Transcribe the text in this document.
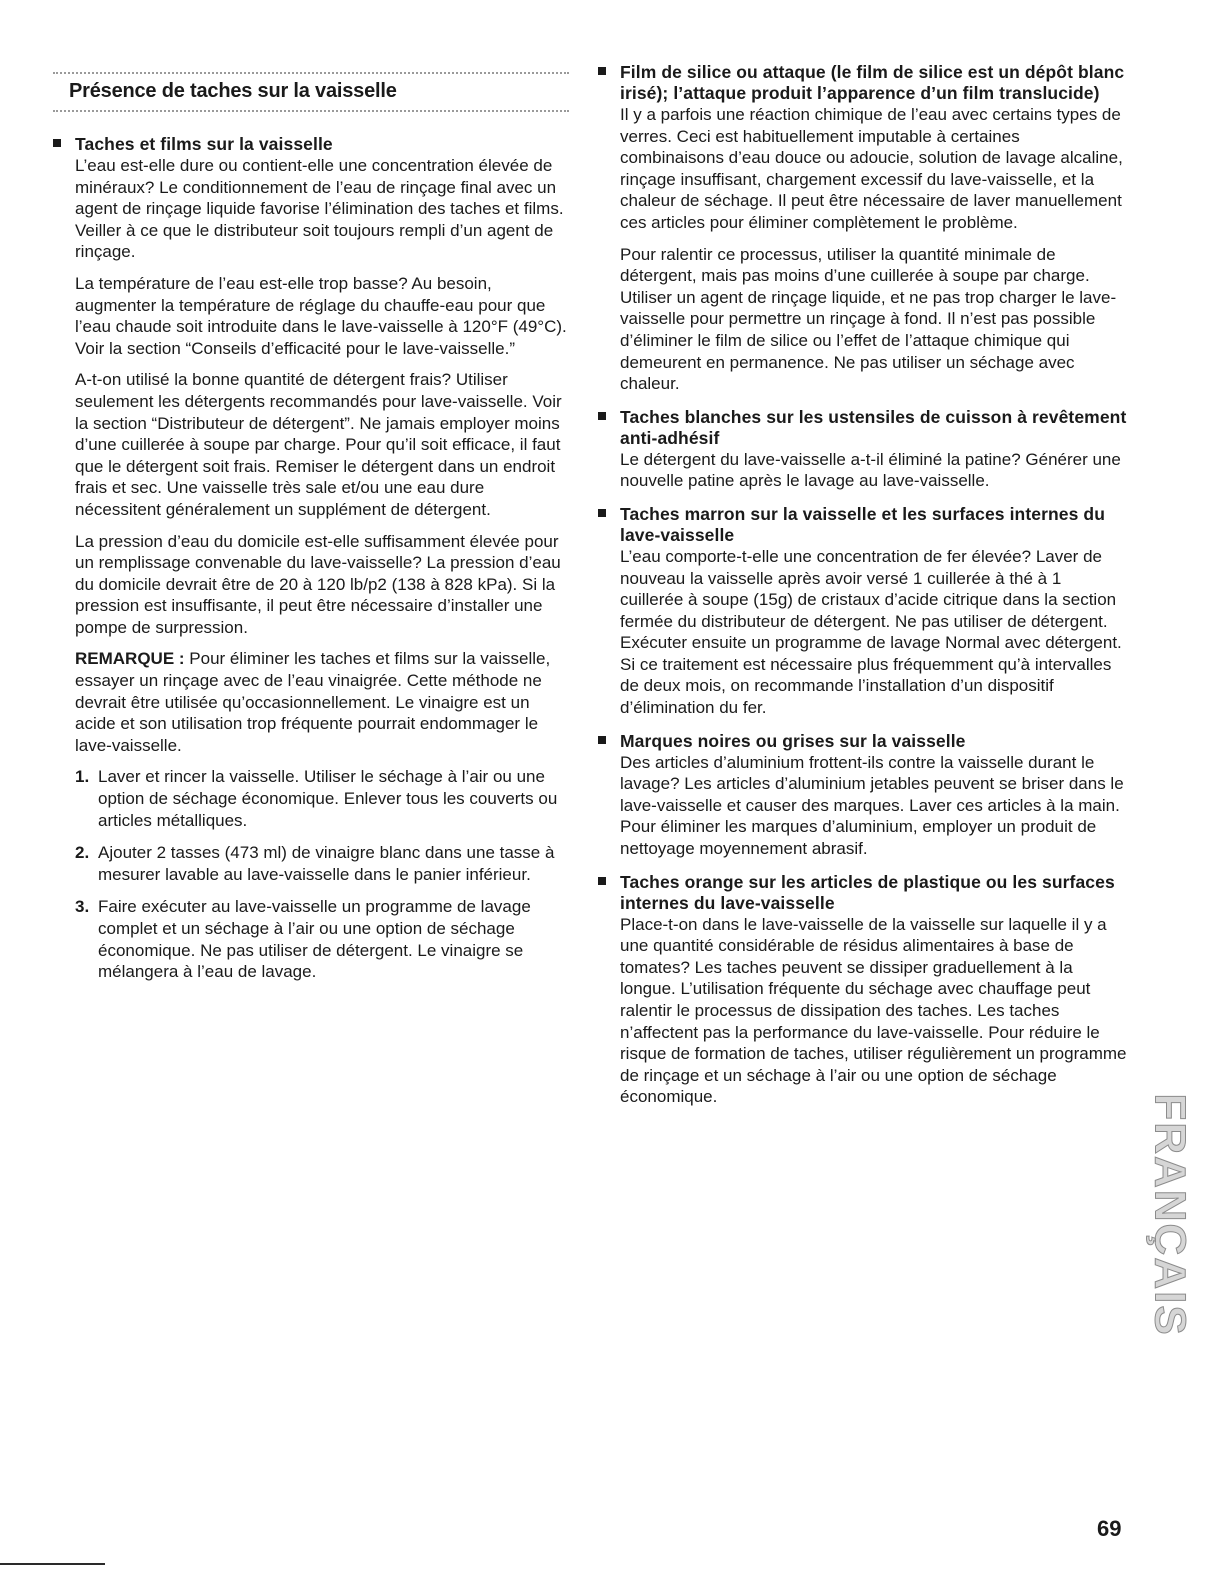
Présence de taches sur la vaisselle
Taches et films sur la vaisselle

L’eau est-elle dure ou contient-elle une concentration élevée de minéraux? Le conditionnement de l’eau de rinçage final avec un agent de rinçage liquide favorise l’élimination des taches et films. Veiller à ce que le distributeur soit toujours rempli d’un agent de rinçage.

La température de l’eau est-elle trop basse? Au besoin, augmenter la température de réglage du chauffe-eau pour que l’eau chaude soit introduite dans le lave-vaisselle à 120°F (49°C). Voir la section “Conseils d’efficacité pour le lave-vaisselle.”

A-t-on utilisé la bonne quantité de détergent frais? Utiliser seulement les détergents recommandés pour lave-vaisselle. Voir la section “Distributeur de détergent”. Ne jamais employer moins d’une cuillerée à soupe par charge. Pour qu’il soit efficace, il faut que le détergent soit frais. Remiser le détergent dans un endroit frais et sec. Une vaisselle très sale et/ou une eau dure nécessitent généralement un supplément de détergent.

La pression d’eau du domicile est-elle suffisamment élevée pour un remplissage convenable du lave-vaisselle? La pression d’eau du domicile devrait être de 20 à 120 lb/p2 (138 à 828 kPa). Si la pression est insuffisante, il peut être nécessaire d’installer une pompe de surpression.

REMARQUE : Pour éliminer les taches et films sur la vaisselle, essayer un rinçage avec de l’eau vinaigrée. Cette méthode ne devrait être utilisée qu’occasionnellement. Le vinaigre est un acide et son utilisation trop fréquente pourrait endommager le lave-vaisselle.

1. Laver et rincer la vaisselle. Utiliser le séchage à l’air ou une option de séchage économique. Enlever tous les couverts ou articles métalliques.
2. Ajouter 2 tasses (473 ml) de vinaigre blanc dans une tasse à mesurer lavable au lave-vaisselle dans le panier inférieur.
3. Faire exécuter au lave-vaisselle un programme de lavage complet et un séchage à l’air ou une option de séchage économique. Ne pas utiliser de détergent. Le vinaigre se mélangera à l’eau de lavage.
Film de silice ou attaque (le film de silice est un dépôt blanc irisé); l’attaque produit l’apparence d’un film translucide)

Il y a parfois une réaction chimique de l’eau avec certains types de verres. Ceci est habituellement imputable à certaines combinaisons d’eau douce ou adoucie, solution de lavage alcaline, rinçage insuffisant, chargement excessif du lave-vaisselle, et la chaleur de séchage. Il peut être nécessaire de laver manuellement ces articles pour éliminer complètement le problème.

Pour ralentir ce processus, utiliser la quantité minimale de détergent, mais pas moins d’une cuillerée à soupe par charge. Utiliser un agent de rinçage liquide, et ne pas trop charger le lave-vaisselle pour permettre un rinçage à fond. Il n’est pas possible d’éliminer le film de silice ou l’effet de l’attaque chimique qui demeurent en permanence. Ne pas utiliser un séchage avec chaleur.

Taches blanches sur les ustensiles de cuisson à revêtement anti-adhésif

Le détergent du lave-vaisselle a-t-il éliminé la patine? Générer une nouvelle patine après le lavage au lave-vaisselle.

Taches marron sur la vaisselle et les surfaces internes du lave-vaisselle

L’eau comporte-t-elle une concentration de fer élevée? Laver de nouveau la vaisselle après avoir versé 1 cuillerée à thé à 1 cuillerée à soupe (15g) de cristaux d’acide citrique dans la section fermée du distributeur de détergent. Ne pas utiliser de détergent. Exécuter ensuite un programme de lavage Normal avec détergent. Si ce traitement est nécessaire plus fréquemment qu’à intervalles de deux mois, on recommande l’installation d’un dispositif d’élimination du fer.

Marques noires ou grises sur la vaisselle

Des articles d’aluminium frottent-ils contre la vaisselle durant le lavage? Les articles d’aluminium jetables peuvent se briser dans le lave-vaisselle et causer des marques. Laver ces articles à la main. Pour éliminer les marques d’aluminium, employer un produit de nettoyage moyennement abrasif.

Taches orange sur les articles de plastique ou les surfaces internes du lave-vaisselle

Place-t-on dans le lave-vaisselle de la vaisselle sur laquelle il y a une quantité considérable de résidus alimentaires à base de tomates? Les taches peuvent se dissiper graduellement à la longue. L’utilisation fréquente du séchage avec chauffage peut ralentir le processus de dissipation des taches. Les taches n’affectent pas la performance du lave-vaisselle. Pour réduire le risque de formation de taches, utiliser régulièrement un programme de rinçage et un séchage à l’air ou une option de séchage économique.	FRANÇAIS
69
